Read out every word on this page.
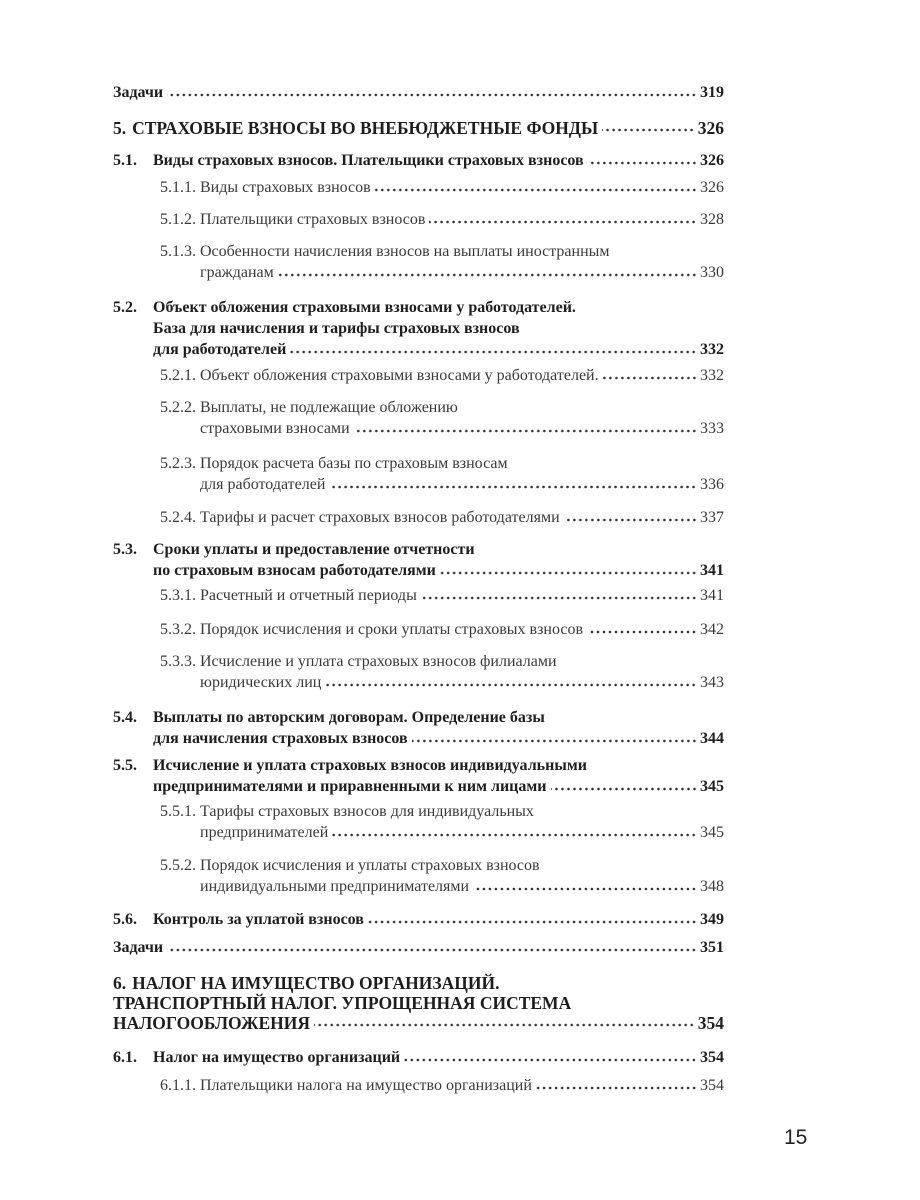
Задачи	319
5. СТРАХОВЫЕ ВЗНОСЫ ВО ВНЕБЮДЖЕТНЫЕ ФОНДЫ	326
5.1.	Виды страховых взносов. Плательщики страховых взносов	326
5.1.1. Виды страховых взносов	326
5.1.2. Плательщики страховых взносов	328
5.1.3. Особенности начисления взносов на выплаты иностранным
гражданам	330
5.2.	Объект обложения страховыми взносами у работодателей.
База для начисления и тарифы страховых взносов
для работодателей	332
5.2.1. Объект обложения страховыми взносами у работодателей.	332
5.2.2. Выплаты, не подлежащие обложению
страховыми взносами	333
5.2.3. Порядок расчета базы по страховым взносам
для работодателей	336
5.2.4. Тарифы и расчет страховых взносов работодателями	337
5.3.	Сроки уплаты и предоставление отчетности
по страховым взносам работодателями	341
5.3.1. Расчетный и отчетный периоды	341
5.3.2. Порядок исчисления и сроки уплаты страховых взносов	342
5.3.3. Исчисление и уплата страховых взносов филиалами
юридических лиц	343
5.4.	Выплаты по авторским договорам. Определение базы
для начисления страховых взносов	344
5.5.	Исчисление и уплата страховых взносов индивидуальными
предпринимателями и приравненными к ним лицами	345
5.5.1. Тарифы страховых взносов для индивидуальных
предпринимателей	345
5.5.2. Порядок исчисления и уплаты страховых взносов
индивидуальными предпринимателями	348
5.6.	Контроль за уплатой взносов	349
Задачи	351
6. НАЛОГ НА ИМУЩЕСТВО ОРГАНИЗАЦИЙ.
ТРАНСПОРТНЫЙ НАЛОГ. УПРОЩЕННАЯ СИСТЕМА
НАЛОГООБЛОЖЕНИЯ	354
6.1.	Налог на имущество организаций	354
6.1.1. Плательщики налога на имущество организаций	354
15
